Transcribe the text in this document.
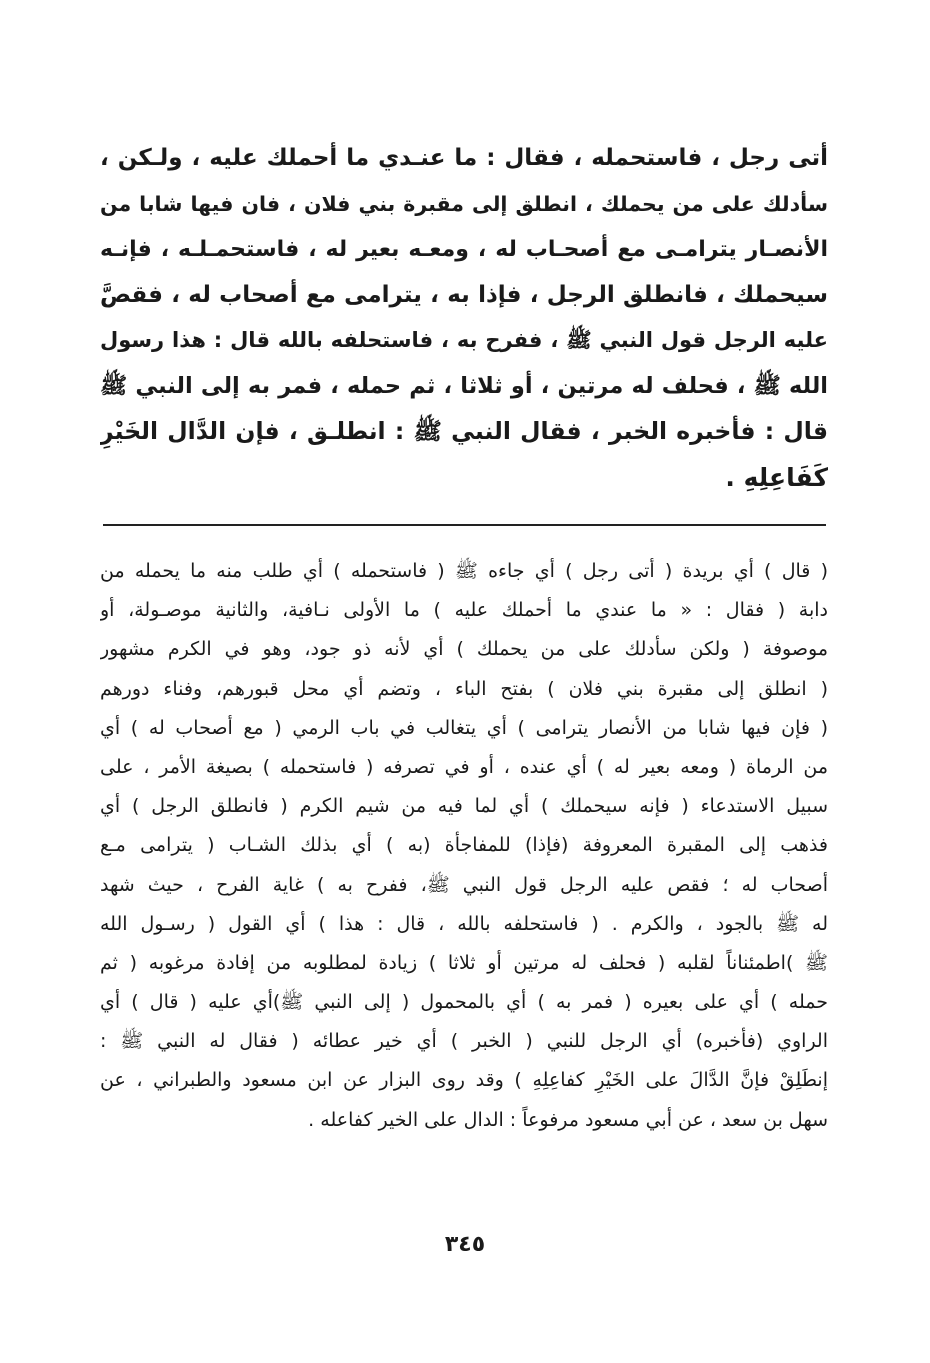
أتى رجل ، فاستحمله ، فقال : ما عنـدي ما أحملك عليه ، ولـكن ،
سأدلك على من يحملك ، انطلق إلى مقبرة بني فلان ، فان فيها شابا من
الأنصـار يترامـى مع أصحـاب له ، ومعـه بعير له ، فاستحمـلـه ، فإنـه
سيحملك ، فانطلق الرجل ، فإذا به ، يترامى مع أصحاب له ، فقصَّ
عليه الرجل قول النبي ﷺ ، ففرح به ، فاستحلفه بالله قال : هذا رسول
الله ﷺ ، فحلف له مرتين ، أو ثلاثا ، ثم حمله ، فمر به إلى النبي ﷺ
قال : فأخبره الخبر ، فقال النبي ﷺ : انطلـق ، فإن الدَّال الخَيْرِ
كَفَاعِلِهِ .
( قال ) أي بريدة ( أتى رجل ) أي جاءه ﷺ ( فاستحمله ) أي طلب منه ما يحمله من
دابة ( فقال : « ما عندي ما أحملك عليه ) ما الأولى نـافية، والثانية موصـولة، أو
موصوفة ( ولكن سأدلك على من يحملك ) أي لأنه ذو جود، وهو في الكرم مشهور
( انطلق إلى مقبرة بني فلان ) بفتح الباء ، وتضم أي محل قبورهم، وفناء دورهم
( فإن فيها شابا من الأنصار يترامى ) أي يتغالب في باب الرمي ( مع أصحاب له ) أي
من الرماة ( ومعه بعير له ) أي عنده ، أو في تصرفه ( فاستحمله ) بصيغة الأمر ، على
سبيل الاستدعاء ( فإنه سيحملك ) أي لما فيه من شيم الكرم ( فانطلق الرجل ) أي
فذهب إلى المقبرة المعروفة (فإذا) للمفاجأة (به ) أي بذلك الشـاب ( يترامى مـع
أصحاب له ؛ فقص عليه الرجل قول النبي ﷺ، ففرح به ) غاية الفرح ، حيث شهد
له ﷺ بالجود ، والكرم . ( فاستحلفه بالله ، قال : هذا ) أي القول ( رسـول الله
ﷺ )اطمئناناً لقلبه ( فحلف له مرتين أو ثلاثا ) زيادة لمطلوبه من إفادة مرغوبه ( ثم
حمله ) أي على بعيره ( فمر به ) أي بالمحمول ( إلى النبي ﷺ)أي عليه ( قال ) أي
الراوي (فأخبره) أي الرجل للنبي ( الخبر ) أي خير عطائه ( فقال له النبي ﷺ :
إنطَلِقْ فإنَّ الدَّالَ على الخَيْرِ كفاعِلِهِ ) وقد روى البزار عن ابن مسعود والطبراني ، عن
سهل بن سعد ، عن أبي مسعود مرفوعاً : الدال على الخير كفاعله .
٣٤٥
